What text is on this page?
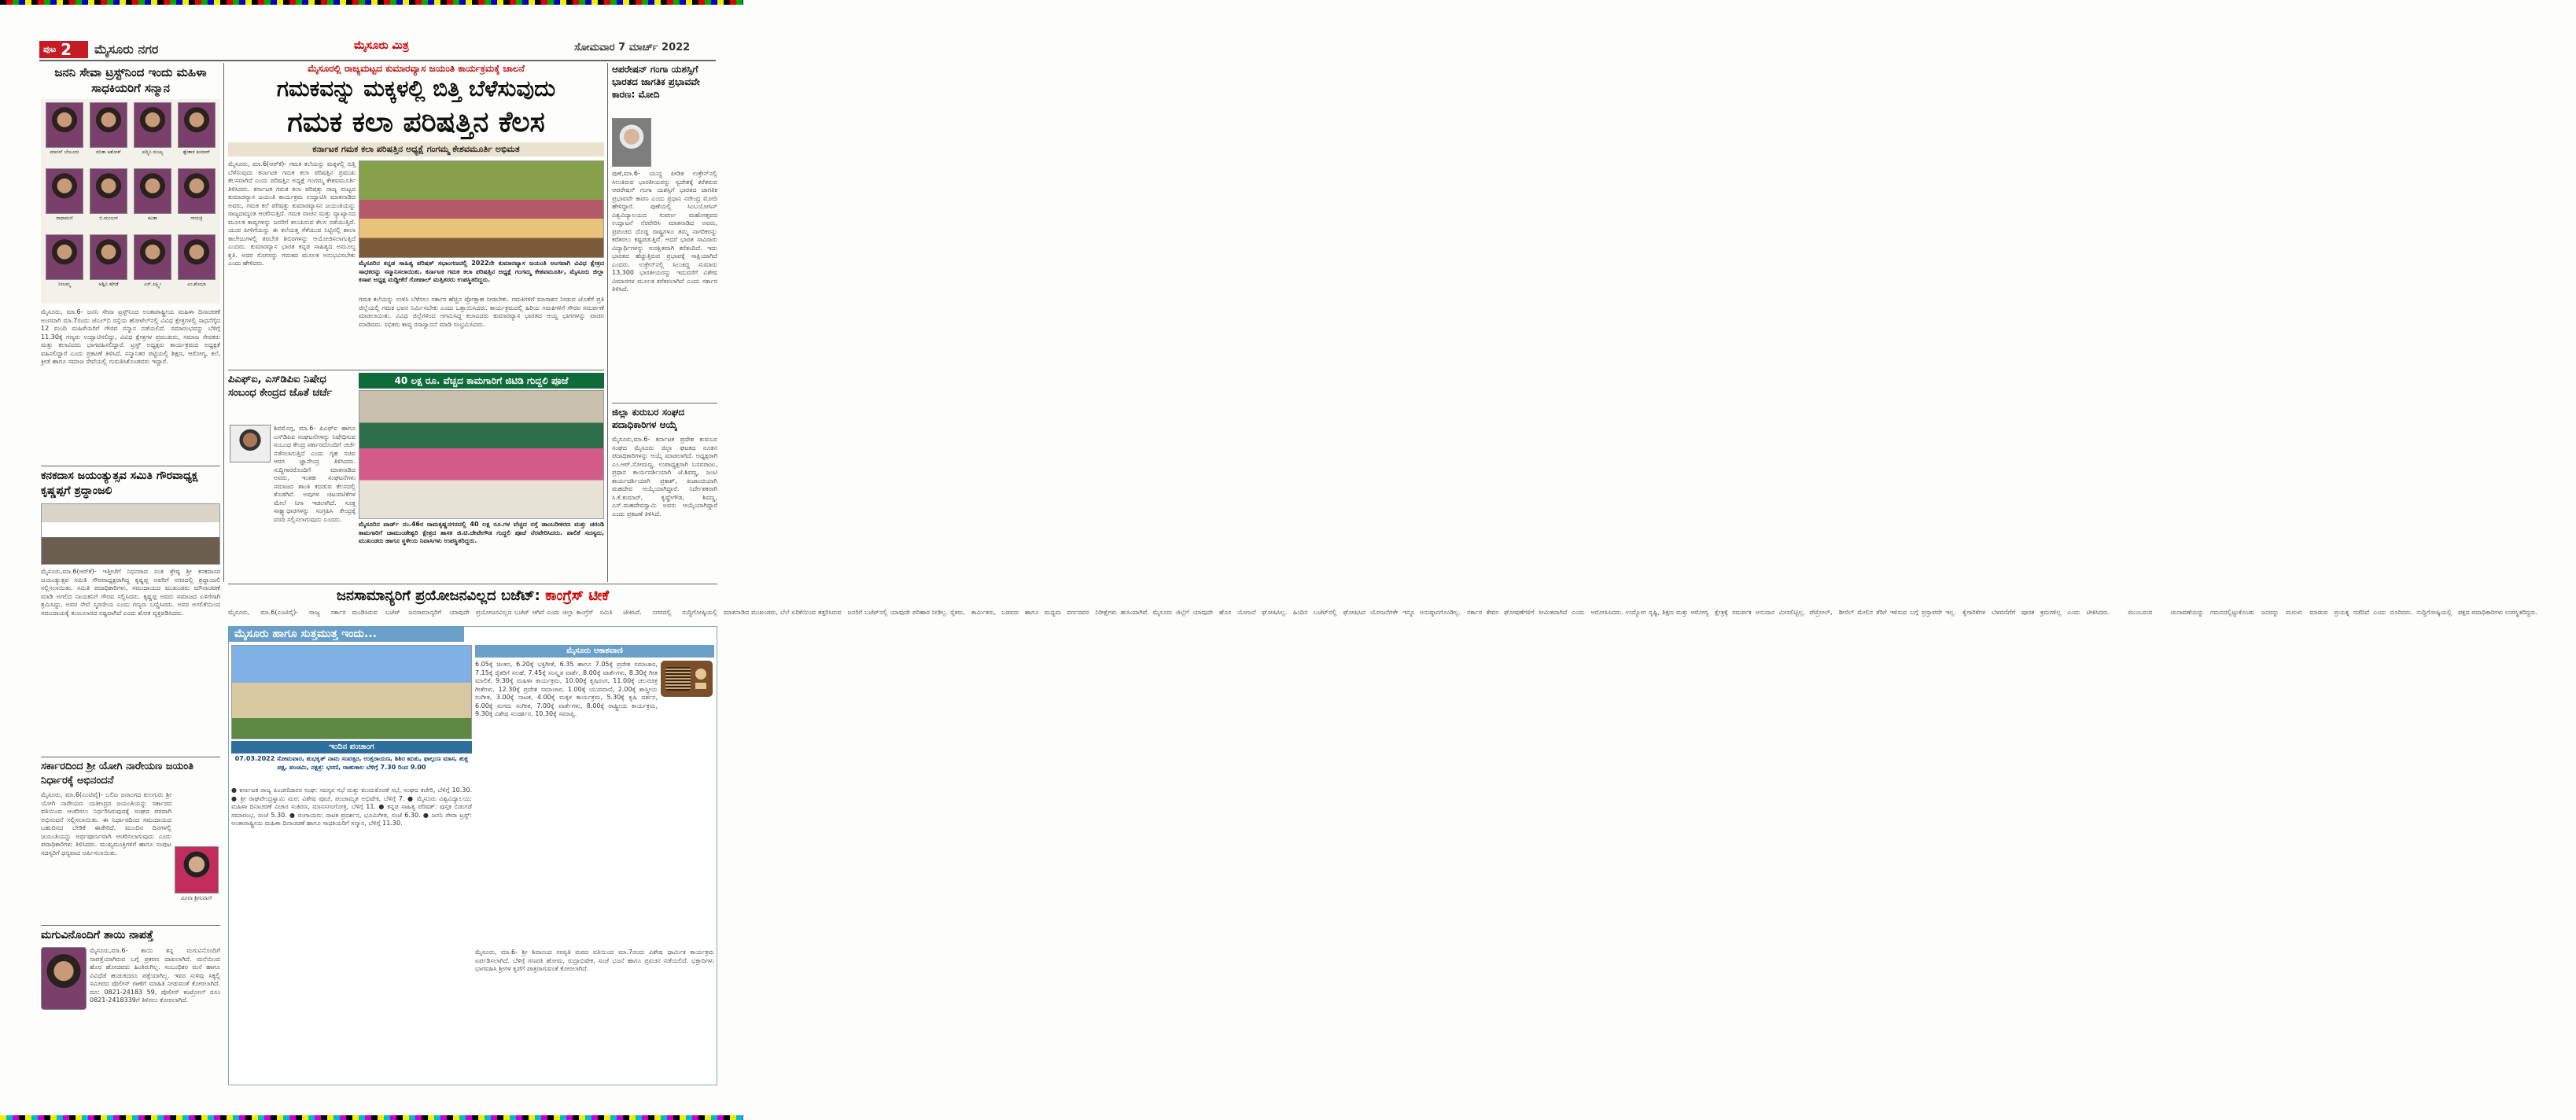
ಪುಟ 2 ಮೈಸೂರು ನಗರ	ಮೈಸೂರು ಮಿತ್ರ	ಸೋಮವಾರ 7 ಮಾರ್ಚ್ 2022
ಜನನಿ ಸೇವಾ ಟ್ರಸ್ಟ್‌ನಿಂದ ಇಂದು ಮಹಿಳಾ ಸಾಧಕಿಯರಿಗೆ ಸನ್ಮಾನ
ಮಾನಸ್ ಬೇಲೂರು	ವನಿತಾ ಅಶೋಕ್	ಪದ್ಮಿನಿ ಮುಖ್ಯ	ಶ್ವೇತಾಳ ಕುಮಾರ್
ರಾಧಾಮಣಿ	ಬಿ.ಮಂಜುಳ	ಕವಿತಾ	ಗಾಯತ್ರಿ
ನೀಲಮ್ಮ	ಅಶ್ವಿನಿ ಹೆಗಡೆ	ಎಸ್.ಲಕ್ಷ್ಮೀ	ಎಂ.ಶೋಭಾ
ಮೈಸೂರು, ಮಾ.6- ಜನನಿ ಸೇವಾ ಟ್ರಸ್ಟ್‌ನಿಂದ ಅಂತಾರಾಷ್ಟ್ರೀಯ ಮಹಿಳಾ ದಿನಾಚರಣೆ ಅಂಗವಾಗಿ ಮಾ.7ರಂದು ಜೆಎಲ್‌ಬಿ ರಸ್ತೆಯ ಹೋಟೆಲ್‌ನಲ್ಲಿ ವಿವಿಧ ಕ್ಷೇತ್ರಗಳಲ್ಲಿ ಸಾಧನೆಗೈದ 12 ಮಂದಿ ಮಹಿಳೆಯರಿಗೆ ಗೌರವ ಸನ್ಮಾನ ನಡೆಯಲಿದೆ. ಸಮಾರಂಭವನ್ನು ಬೆಳಿಗ್ಗೆ 11.30ಕ್ಕೆ ಗಣ್ಯರು ಉದ್ಘಾಟಿಸಲಿದ್ದು, ವಿವಿಧ ಕ್ಷೇತ್ರಗಳ ಪ್ರಮುಖರು, ಸಮಾಜ ಸೇವಕರು ಮತ್ತು ಕಲಾವಿದರು ಭಾಗವಹಿಸಲಿದ್ದಾರೆ. ಟ್ರಸ್ಟ್ ಅಧ್ಯಕ್ಷರು ಕಾರ್ಯಕ್ರಮದ ಅಧ್ಯಕ್ಷತೆ ವಹಿಸಲಿದ್ದಾರೆ ಎಂದು ಪ್ರಕಟಣೆ ತಿಳಿಸಿದೆ. ಸನ್ಮಾನಿತರ ಪಟ್ಟಿಯಲ್ಲಿ ಶಿಕ್ಷಣ, ಆರೋಗ್ಯ, ಕಲೆ, ಕ್ರೀಡೆ ಹಾಗೂ ಸಮಾಜ ಸೇವೆಯಲ್ಲಿ ಗುರುತಿಸಿಕೊಂಡವರು ಇದ್ದಾರೆ.
ಕನಕದಾಸ ಜಯಂತ್ಯುತ್ಸವ ಸಮಿತಿ ಗೌರವಾಧ್ಯಕ್ಷ ಕೃಷ್ಣಪ್ಪಗೆ ಶ್ರದ್ಧಾಂಜಲಿ
ಮೈಸೂರು,ಮಾ.6(ಆರ್‌ಕೆ)- ಇತ್ತೀಚೆಗೆ ನಿಧನರಾದ ಸಂತ ಶ್ರೇಷ್ಠ ಶ್ರೀ ಕನಕದಾಸರ ಜಯಂತ್ಯುತ್ಸವ ಸಮಿತಿ ಗೌರವಾಧ್ಯಕ್ಷರಾಗಿದ್ದ ಕೃಷ್ಣಪ್ಪ ಅವರಿಗೆ ನಗರದಲ್ಲಿ ಶ್ರದ್ಧಾಂಜಲಿ ಸಲ್ಲಿಸಲಾಯಿತು. ಸಮಿತಿ ಪದಾಧಿಕಾರಿಗಳು, ಸಮುದಾಯದ ಮುಖಂಡರು ಮೌನಾಚರಣೆ ಮಾಡಿ ಅಗಲಿದ ನಾಯಕನಿಗೆ ಗೌರವ ಸಲ್ಲಿಸಿದರು. ಕೃಷ್ಣಪ್ಪ ಅವರು ಸಮಾಜದ ಏಳಿಗೆಗಾಗಿ ಶ್ರಮಿಸಿದ್ದು, ಅವರ ಸೇವೆ ಸ್ಮರಣೀಯ ಎಂದು ಗಣ್ಯರು ಬಣ್ಣಿಸಿದರು. ಅವರ ಅಗಲಿಕೆಯಿಂದ ಸಮುದಾಯಕ್ಕೆ ತುಂಬಲಾರದ ನಷ್ಟವಾಗಿದೆ ಎಂದು ಶೋಕ ವ್ಯಕ್ತಪಡಿಸಿದರು.
ಸರ್ಕಾರದಿಂದ ಶ್ರೀ ಯೋಗಿ ನಾರೇಯಣ ಜಯಂತಿ ನಿರ್ಧಾರಕ್ಕೆ ಅಭಿನಂದನೆ
ಮೈಸೂರು, ಮಾ.6(ಎಂಟಿವೈ)- ಬಲಿಜ ಜನಾಂಗದ ಕುಲಗುರು ಶ್ರೀ ಯೋಗಿ ನಾರೇಯಣ ಯತೀಂದ್ರರ ಜಯಂತಿಯನ್ನು ಸರ್ಕಾರದ ವತಿಯಿಂದ ಆಚರಿಸಲು ನಿರ್ಧರಿಸಿರುವುದಕ್ಕೆ ಸಂಘದ ಪರವಾಗಿ ಅಭಿನಂದನೆ ಸಲ್ಲಿಸಲಾಯಿತು. ಈ ನಿರ್ಧಾರದಿಂದ ಸಮುದಾಯದ ಬಹುದಿನದ ಬೇಡಿಕೆ ಈಡೇರಿದೆ. ಮುಂದಿನ ದಿನಗಳಲ್ಲಿ ಜಯಂತಿಯನ್ನು ಅರ್ಥಪೂರ್ಣವಾಗಿ ಆಚರಿಸಲಾಗುವುದು ಎಂದು ಪದಾಧಿಕಾರಿಗಳು ತಿಳಿಸಿದರು. ಮುಖ್ಯಮಂತ್ರಿಗಳಿಗೆ ಹಾಗೂ ಸಂಪುಟ ಸದಸ್ಯರಿಗೆ ಧನ್ಯವಾದ ಅರ್ಪಿಸಲಾಯಿತು.
ಮೀನಾ ಶ್ರೀನಿವಾಸ್
ಮಗುವಿನೊಂದಿಗೆ ತಾಯಿ ನಾಪತ್ತೆ
ಮೈಸೂರು,ಮಾ.6- ತಾಯಿ ತನ್ನ ಮಗುವಿನೊಂದಿಗೆ ನಾಪತ್ತೆಯಾಗಿರುವ ಬಗ್ಗೆ ಪ್ರಕರಣ ದಾಖಲಾಗಿದೆ. ಮನೆಯಿಂದ ಹೊರ ಹೋದವರು ಹಿಂತಿರುಗಿಲ್ಲ. ಸಂಬಂಧಿಕರ ಮನೆ ಹಾಗೂ ವಿವಿಧೆಡೆ ಹುಡುಕಿದರೂ ಪತ್ತೆಯಾಗಿಲ್ಲ. ಇವರ ಸುಳಿವು ಸಿಕ್ಕಲ್ಲಿ ಸಮೀಪದ ಪೊಲೀಸ್ ಠಾಣೆಗೆ ಮಾಹಿತಿ ನೀಡುವಂತೆ ಕೋರಲಾಗಿದೆ. ದೂ: 0821-24183 59, ಪೊಲೀಸ್ ಕಂಟ್ರೋಲ್ ರೂಂ 0821-2418339ಗೆ ತಿಳಿಸಲು ಕೋರಲಾಗಿದೆ.
ಮೈಸೂರಲ್ಲಿ ರಾಜ್ಯಮಟ್ಟದ ಕುಮಾರವ್ಯಾಸ ಜಯಂತಿ ಕಾರ್ಯಕ್ರಮಕ್ಕೆ ಚಾಲನೆ
ಗಮಕವನ್ನು ಮಕ್ಕಳಲ್ಲಿ ಬಿತ್ತಿ ಬೆಳೆಸುವುದು
ಗಮಕ ಕಲಾ ಪರಿಷತ್ತಿನ ಕೆಲಸ
ಕರ್ನಾಟಕ ಗಮಕ ಕಲಾ ಪರಿಷತ್ತಿನ ಅಧ್ಯಕ್ಷೆ ಗಂಗಮ್ಮ ಕೇಶವಮೂರ್ತಿ ಅಭಿಮತ
ಮೈಸೂರು, ಮಾ.6(ಆರ್‌ಕೆ)- ಗಮಕ ಕಲೆಯನ್ನು ಮಕ್ಕಳಲ್ಲಿ ಬಿತ್ತಿ ಬೆಳೆಸುವುದು ಕರ್ನಾಟಕ ಗಮಕ ಕಲಾ ಪರಿಷತ್ತಿನ ಪ್ರಮುಖ ಕೆಲಸವಾಗಿದೆ ಎಂದು ಪರಿಷತ್ತಿನ ಅಧ್ಯಕ್ಷೆ ಗಂಗಮ್ಮ ಕೇಶವಮೂರ್ತಿ ತಿಳಿಸಿದರು. ಕರ್ನಾಟಕ ಗಮಕ ಕಲಾ ಪರಿಷತ್ತು ರಾಜ್ಯ ಮಟ್ಟದ ಕುಮಾರವ್ಯಾಸ ಜಯಂತಿ ಕಾರ್ಯಕ್ರಮ ಉದ್ಘಾಟಿಸಿ ಮಾತನಾಡಿದ ಅವರು, ಗಮಕ ಕಲೆ ಪರಿಷತ್ತು ಕುಮಾರವ್ಯಾಸನ ಜಯಂತಿಯನ್ನು ರಾಜ್ಯದಾದ್ಯಂತ ಆಚರಿಸುತ್ತಿದೆ. ಗಮಕ ವಾಚನ ಮತ್ತು ವ್ಯಾಖ್ಯಾನದ ಮೂಲಕ ಕಾವ್ಯಗಳನ್ನು ಜನರಿಗೆ ತಲುಪಿಸುವ ಕೆಲಸ ನಡೆಯುತ್ತಿದೆ. ಯುವ ಪೀಳಿಗೆಯನ್ನು ಈ ಕಲೆಯತ್ತ ಸೆಳೆಯುವ ನಿಟ್ಟಿನಲ್ಲಿ ಶಾಲಾ ಕಾಲೇಜುಗಳಲ್ಲಿ ತರಬೇತಿ ಶಿಬಿರಗಳನ್ನು ಆಯೋಜಿಸಲಾಗುತ್ತಿದೆ ಎಂದರು. ಕುಮಾರವ್ಯಾಸ ಭಾರತ ಕನ್ನಡ ಸಾಹಿತ್ಯದ ಅಮೂಲ್ಯ ಕೃತಿ. ಅದರ ಸೊಗಸನ್ನು ಗಮಕದ ಮೂಲಕ ಅನುಭವಿಸಬೇಕು ಎಂದು ಹೇಳಿದರು.	ಮೈಸೂರಿನ ಕನ್ನಡ ಸಾಹಿತ್ಯ ಪರಿಷತ್ ಸಭಾಂಗಣದಲ್ಲಿ 2022ನೇ ಕುಮಾರವ್ಯಾಸ ಜಯಂತಿ ಅಂಗವಾಗಿ ವಿವಿಧ ಕ್ಷೇತ್ರದ ಸಾಧಕರನ್ನು ಸನ್ಮಾನಿಸಲಾಯಿತು. ಕರ್ನಾಟಕ ಗಮಕ ಕಲಾ ಪರಿಷತ್ತಿನ ಅಧ್ಯಕ್ಷೆ ಗಂಗಮ್ಮ ಕೇಶವಮೂರ್ತಿ, ಮೈಸೂರು ಜಿಲ್ಲಾ ಕಸಾಪ ಅಧ್ಯಕ್ಷ ಮಡ್ಡೀಕೆರೆ ಗೋಪಾಲ್ ಮತ್ತಿತರರು ಉಪಸ್ಥಿತರಿದ್ದರು.
ಗಮಕ ಕಲೆಯನ್ನು ಉಳಿಸಿ ಬೆಳೆಸಲು ಸರ್ಕಾರ ಹೆಚ್ಚಿನ ಪ್ರೋತ್ಸಾಹ ನೀಡಬೇಕು. ಗಮಕಿಗಳಿಗೆ ಮಾಸಾಶನ ನೀಡುವ ಜೊತೆಗೆ ಪ್ರತಿ ಜಿಲ್ಲೆಯಲ್ಲಿ ಗಮಕ ಭವನ ನಿರ್ಮಿಸಬೇಕು ಎಂದು ಒತ್ತಾಯಿಸಿದರು. ಕಾರ್ಯಕ್ರಮದಲ್ಲಿ ಹಿರಿಯ ಗಮಕಿಗಳಿಗೆ ಗೌರವ ಸಮರ್ಪಣೆ ಮಾಡಲಾಯಿತು. ವಿವಿಧ ಜಿಲ್ಲೆಗಳಿಂದ ಆಗಮಿಸಿದ್ದ ಕಲಾವಿದರು ಕುಮಾರವ್ಯಾಸ ಭಾರತದ ಆಯ್ದ ಭಾಗಗಳನ್ನು ವಾಚನ ಮಾಡಿದರು. ಸಭಿಕರು ಕಾವ್ಯ ರಸಾಸ್ವಾದನೆ ಮಾಡಿ ಸಂಭ್ರಮಿಸಿದರು.
ಪಿಎಫ್‌ಐ, ಎಸ್‌ಡಿಪಿಐ ನಿಷೇಧ ಸಂಬಂಧ ಕೇಂದ್ರದ ಜೊತೆ ಚರ್ಚೆ
ಶಿವಮೊಗ್ಗ, ಮಾ.6- ಪಿಎಫ್‌ಐ ಹಾಗೂ ಎಸ್‌ಡಿಪಿಐ ಸಂಘಟನೆಗಳನ್ನು ನಿಷೇಧಿಸುವ ಸಂಬಂಧ ಕೇಂದ್ರ ಸರ್ಕಾರದೊಂದಿಗೆ ಚರ್ಚೆ ನಡೆಸಲಾಗುತ್ತಿದೆ ಎಂದು ಗೃಹ ಸಚಿವ ಆರಗ ಜ್ಞಾನೇಂದ್ರ ತಿಳಿಸಿದರು. ಸುದ್ದಿಗಾರರೊಂದಿಗೆ ಮಾತನಾಡಿದ ಅವರು, ಇಂತಹ ಸಂಘಟನೆಗಳು ಸಮಾಜದ ಶಾಂತಿ ಕದಡುವ ಕೆಲಸದಲ್ಲಿ ತೊಡಗಿವೆ. ಅವುಗಳ ಚಟುವಟಿಕೆಗಳ ಮೇಲೆ ನಿಗಾ ಇಡಲಾಗಿದೆ. ಸೂಕ್ತ ಸಾಕ್ಷ್ಯಾಧಾರಗಳನ್ನು ಸಂಗ್ರಹಿಸಿ ಕೇಂದ್ರಕ್ಕೆ ವರದಿ ಸಲ್ಲಿಸಲಾಗುವುದು ಎಂದರು.
40 ಲಕ್ಷ ರೂ. ವೆಚ್ಚದ ಕಾಮಗಾರಿಗೆ ಜಿಟಿಡಿ ಗುದ್ದಲಿ ಪೂಜೆ
ಮೈಸೂರಿನ ವಾರ್ಡ್ ನಂ.46ರ ರಾಮಕೃಷ್ಣನಗರದಲ್ಲಿ 40 ಲಕ್ಷ ರೂ.ಗಳ ವೆಚ್ಚದ ರಸ್ತೆ ಡಾಂಬರೀಕರಣ ಮತ್ತು ಚರಂಡಿ ಕಾಮಗಾರಿಗೆ ಚಾಮುಂಡೇಶ್ವರಿ ಕ್ಷೇತ್ರದ ಶಾಸಕ ಜಿ.ಟಿ.ದೇವೇಗೌಡ ಗುದ್ದಲಿ ಪೂಜೆ ನೆರವೇರಿಸಿದರು. ಪಾಲಿಕೆ ಸದಸ್ಯರು, ಮುಖಂಡರು ಹಾಗೂ ಸ್ಥಳೀಯ ನಿವಾಸಿಗಳು ಉಪಸ್ಥಿತರಿದ್ದರು.
ಆಪರೇಷನ್ ಗಂಗಾ ಯಶಸ್ಸಿಗೆ ಭಾರತದ ಜಾಗತಿಕ ಪ್ರಭಾವವೇ ಕಾರಣ: ಮೋದಿ
ಪುಣೆ,ಮಾ.6- ಯುದ್ಧ ಪೀಡಿತ ಉಕ್ರೇನ್‌ನಲ್ಲಿ ಸಿಲುಕಿರುವ ಭಾರತೀಯರನ್ನು ಸ್ವದೇಶಕ್ಕೆ ಕರೆತರುವ ಆಪರೇಷನ್ ಗಂಗಾ ಯಶಸ್ಸಿಗೆ ಭಾರತದ ಜಾಗತಿಕ ಪ್ರಭಾವವೇ ಕಾರಣ ಎಂದು ಪ್ರಧಾನಿ ನರೇಂದ್ರ ಮೋದಿ ಹೇಳಿದ್ದಾರೆ. ಪುಣೆಯಲ್ಲಿ ಸಿಂಬಯೋಸಿಸ್ ವಿಶ್ವವಿದ್ಯಾಲಯದ ಸುವರ್ಣ ಮಹೋತ್ಸವದ ಉದ್ಘಾಟನೆ ನೆರವೇರಿಸಿ ಮಾತನಾಡಿದ ಅವರು, ಪ್ರಪಂಚದ ದೊಡ್ಡ ರಾಷ್ಟ್ರಗಳೂ ತಮ್ಮ ನಾಗರಿಕರನ್ನು ಕರೆತರಲು ಕಷ್ಟಪಡುತ್ತಿವೆ. ಆದರೆ ಭಾರತ ಸಾವಿರಾರು ವಿದ್ಯಾರ್ಥಿಗಳನ್ನು ಸುರಕ್ಷಿತವಾಗಿ ಕರೆತಂದಿದೆ. ಇದು ಭಾರತದ ಹೆಚ್ಚುತ್ತಿರುವ ಪ್ರಭಾವಕ್ಕೆ ಸಾಕ್ಷಿಯಾಗಿದೆ ಎಂದರು. ಉಕ್ರೇನ್‌ನಲ್ಲಿ ಸಿಲುಕಿದ್ದ ಸುಮಾರು 13,300 ಭಾರತೀಯರನ್ನು ಇದುವರೆಗೆ ವಿಶೇಷ ವಿಮಾನಗಳ ಮೂಲಕ ಕರೆತರಲಾಗಿದೆ ಎಂದು ಸರ್ಕಾರ ತಿಳಿಸಿದೆ.
ಜಿಲ್ಲಾ ಕುರುಬರ ಸಂಘದ ಪದಾಧಿಕಾರಿಗಳ ಆಯ್ಕೆ
ಮೈಸೂರು,ಮಾ.6- ಕರ್ನಾಟಕ ಪ್ರದೇಶ ಕುರುಬರ ಸಂಘದ ಮೈಸೂರು ಜಿಲ್ಲಾ ಘಟಕದ ನೂತನ ಪದಾಧಿಕಾರಿಗಳನ್ನು ಆಯ್ಕೆ ಮಾಡಲಾಗಿದೆ. ಅಧ್ಯಕ್ಷರಾಗಿ ಎಂ.ಆರ್.ಸೋಮಣ್ಣ, ಉಪಾಧ್ಯಕ್ಷರಾಗಿ ಬಸವರಾಜು, ಪ್ರಧಾನ ಕಾರ್ಯದರ್ಶಿಯಾಗಿ ಜೆ.ಶಿವಣ್ಣ, ಜಂಟಿ ಕಾರ್ಯದರ್ಶಿಯಾಗಿ ಪ್ರಕಾಶ್, ಖಜಾಂಚಿಯಾಗಿ ಮಹದೇವ ಆಯ್ಕೆಯಾಗಿದ್ದಾರೆ. ನಿರ್ದೇಶಕರಾಗಿ ಸಿ.ಕೆ.ಕುಮಾರ್, ಕೃಷ್ಣೇಗೌಡ, ಶಿವಣ್ಣ, ಎಸ್.ಮಹದೇವಸ್ವಾಮಿ ಅವರು ಆಯ್ಕೆಯಾಗಿದ್ದಾರೆ ಎಂದು ಪ್ರಕಟಣೆ ತಿಳಿಸಿದೆ.
ಜನಸಾಮಾನ್ಯರಿಗೆ ಪ್ರಯೋಜನವಿಲ್ಲದ ಬಜೆಟ್: ಕಾಂಗ್ರೆಸ್ ಟೀಕೆ
ಮೈಸೂರು, ಮಾ.6(ಎಂಟಿವೈ)- ರಾಜ್ಯ ಸರ್ಕಾರ ಮಂಡಿಸಿರುವ ಬಜೆಟ್ ಜನಸಾಮಾನ್ಯರಿಗೆ ಯಾವುದೇ ಪ್ರಯೋಜನವಿಲ್ಲದ ಬಜೆಟ್ ಆಗಿದೆ ಎಂದು ಜಿಲ್ಲಾ ಕಾಂಗ್ರೆಸ್ ಸಮಿತಿ ಟೀಕಿಸಿದೆ. ನಗರದಲ್ಲಿ ಸುದ್ದಿಗೋಷ್ಠಿಯಲ್ಲಿ ಮಾತನಾಡಿದ ಮುಖಂಡರು, ಬೆಲೆ ಏರಿಕೆಯಿಂದ ತತ್ತರಿಸಿರುವ ಜನರಿಗೆ ಬಜೆಟ್‌ನಲ್ಲಿ ಯಾವುದೇ ಪರಿಹಾರ ನೀಡಿಲ್ಲ. ರೈತರು, ಕಾರ್ಮಿಕರು, ಬಡವರು ಹಾಗೂ ಮಧ್ಯಮ ವರ್ಗದವರ ನಿರೀಕ್ಷೆಗಳು ಹುಸಿಯಾಗಿವೆ. ಮೈಸೂರು ಜಿಲ್ಲೆಗೆ ಯಾವುದೇ ಹೊಸ ಯೋಜನೆ ಘೋಷಿಸಿಲ್ಲ. ಹಿಂದಿನ ಬಜೆಟ್‌ನಲ್ಲಿ ಘೋಷಿಸಿದ ಯೋಜನೆಗಳೇ ಇನ್ನೂ ಅನುಷ್ಠಾನಗೊಂಡಿಲ್ಲ. ಸರ್ಕಾರ ಕೇವಲ ಘೋಷಣೆಗಳಿಗೆ ಸೀಮಿತವಾಗಿದೆ ಎಂದು ಆರೋಪಿಸಿದರು. ಉದ್ಯೋಗ ಸೃಷ್ಟಿ, ಶಿಕ್ಷಣ ಮತ್ತು ಆರೋಗ್ಯ ಕ್ಷೇತ್ರಕ್ಕೆ ಸಮರ್ಪಕ ಅನುದಾನ ಮೀಸಲಿಟ್ಟಿಲ್ಲ. ಪೆಟ್ರೋಲ್, ಡೀಸೆಲ್ ಮೇಲಿನ ತೆರಿಗೆ ಇಳಿಸುವ ಬಗ್ಗೆ ಪ್ರಸ್ತಾಪವೇ ಇಲ್ಲ. ಕೈಗಾರಿಕೆಗಳ ಬೆಳವಣಿಗೆಗೆ ಪೂರಕ ಕ್ರಮಗಳಿಲ್ಲ ಎಂದು ಟೀಕಿಸಿದರು. ಮುಂಬರುವ ಚುನಾವಣೆಯನ್ನು ಗಮನದಲ್ಲಿಟ್ಟುಕೊಂಡು ಜನರನ್ನು ಮರುಳು ಮಾಡುವ ಪ್ರಯತ್ನ ನಡೆದಿದೆ ಎಂದು ದೂರಿದರು. ಸುದ್ದಿಗೋಷ್ಠಿಯಲ್ಲಿ ಪಕ್ಷದ ಪದಾಧಿಕಾರಿಗಳು ಉಪಸ್ಥಿತರಿದ್ದರು.
ಮೈಸೂರು ಹಾಗೂ ಸುತ್ತಮುತ್ತ ಇಂದು...
ಇಂದಿನ ಪಂಚಾಂಗ
07.03.2022 ಸೋಮವಾರ, ಶುಭಕೃತ್ ನಾಮ ಸಂವತ್ಸರ, ಉತ್ತರಾಯಣ, ಶಿಶಿರ ಋತು, ಫಾಲ್ಗುಣ ಮಾಸ, ಶುಕ್ಲ ಪಕ್ಷ, ಪಂಚಮಿ, ನಕ್ಷತ್ರ: ಭರಣಿ, ರಾಹುಕಾಲ ಬೆಳಿಗ್ಗೆ 7.30 ರಿಂದ 9.00
● ಕರ್ನಾಟಕ ರಾಜ್ಯ ಪಿಂಚಣಿದಾರರ ಸಂಘ: ಸದಸ್ಯರ ಸಭೆ ಮತ್ತು ಕುಂದುಕೊರತೆ ಸಭೆ, ಸಂಘದ ಕಚೇರಿ, ಬೆಳಿಗ್ಗೆ 10.30. ● ಶ್ರೀ ರಾಘವೇಂದ್ರಸ್ವಾಮಿ ಮಠ: ವಿಶೇಷ ಪೂಜೆ, ಪಂಚಾಮೃತ ಅಭಿಷೇಕ, ಬೆಳಿಗ್ಗೆ 7. ● ಮೈಸೂರು ವಿಶ್ವವಿದ್ಯಾಲಯ: ಮಹಿಳಾ ದಿನಾಚರಣೆ ವಿಚಾರ ಸಂಕಿರಣ, ಮಾನಸಗಂಗೋತ್ರಿ, ಬೆಳಿಗ್ಗೆ 11. ● ಕನ್ನಡ ಸಾಹಿತ್ಯ ಪರಿಷತ್: ಪುಸ್ತಕ ಬಿಡುಗಡೆ ಸಮಾರಂಭ, ಸಂಜೆ 5.30. ● ರಂಗಾಯಣ: ನಾಟಕ ಪ್ರದರ್ಶನ, ಭೂಮಿಗೀತ, ಸಂಜೆ 6.30. ● ಜನನಿ ಸೇವಾ ಟ್ರಸ್ಟ್: ಅಂತಾರಾಷ್ಟ್ರೀಯ ಮಹಿಳಾ ದಿನಾಚರಣೆ ಹಾಗೂ ಸಾಧಕಿಯರಿಗೆ ಸನ್ಮಾನ, ಬೆಳಿಗ್ಗೆ 11.30.
ಮೈಸೂರು ಆಕಾಶವಾಣಿ
6.05ಕ್ಕೆ ಚಿಂತನ, 6.20ಕ್ಕೆ ಭಕ್ತಿಗೀತೆ, 6.35 ಹಾಗೂ 7.05ಕ್ಕೆ ಪ್ರದೇಶ ಸಮಾಚಾರ, 7.15ಕ್ಕೆ ರೈತರಿಗೆ ಸಲಹೆ, 7.45ಕ್ಕೆ ಸಂಸ್ಕೃತ ವಾರ್ತೆ, 8.00ಕ್ಕೆ ವಾರ್ತೆಗಳು, 8.30ಕ್ಕೆ ಗೀತ ಮಾಲಿಕೆ, 9.30ಕ್ಕೆ ಮಹಿಳಾ ಕಾರ್ಯಕ್ರಮ, 10.00ಕ್ಕೆ ಕೃಷಿರಂಗ, 11.00ಕ್ಕೆ ಚಲನಚಿತ್ರ ಗೀತೆಗಳು, 12.30ಕ್ಕೆ ಪ್ರದೇಶ ಸಮಾಚಾರ, 1.00ಕ್ಕೆ ಯುವವಾಣಿ, 2.00ಕ್ಕೆ ಶಾಸ್ತ್ರೀಯ ಸಂಗೀತ, 3.00ಕ್ಕೆ ನಾಟಕ, 4.00ಕ್ಕೆ ಮಕ್ಕಳ ಕಾರ್ಯಕ್ರಮ, 5.30ಕ್ಕೆ ಕೃಷಿ ದರ್ಶನ, 6.00ಕ್ಕೆ ಸುಗಮ ಸಂಗೀತ, 7.00ಕ್ಕೆ ವಾರ್ತೆಗಳು, 8.00ಕ್ಕೆ ರಾಷ್ಟ್ರೀಯ ಕಾರ್ಯಕ್ರಮ, 9.30ಕ್ಕೆ ವಿಶೇಷ ಸಂದರ್ಶನ, 10.30ಕ್ಕೆ ಸಮಾಪ್ತಿ.
ಮೈಸೂರು, ಮಾ.6- ಶ್ರೀ ಶಿವಾನಂದ ಸರಸ್ವತಿ ಮಠದ ವತಿಯಿಂದ ಮಾ.7ರಂದು ವಿಶೇಷ ಧಾರ್ಮಿಕ ಕಾರ್ಯಕ್ರಮ ಏರ್ಪಡಿಸಲಾಗಿದೆ. ಬೆಳಿಗ್ಗೆ ಗಣಪತಿ ಹೋಮ, ರುದ್ರಾಭಿಷೇಕ, ಸಂಜೆ ಭಜನೆ ಹಾಗೂ ಪ್ರವಚನ ನಡೆಯಲಿದೆ. ಭಕ್ತಾದಿಗಳು ಭಾಗವಹಿಸಿ ಶ್ರೀಗಳ ಕೃಪೆಗೆ ಪಾತ್ರರಾಗುವಂತೆ ಕೋರಲಾಗಿದೆ.
